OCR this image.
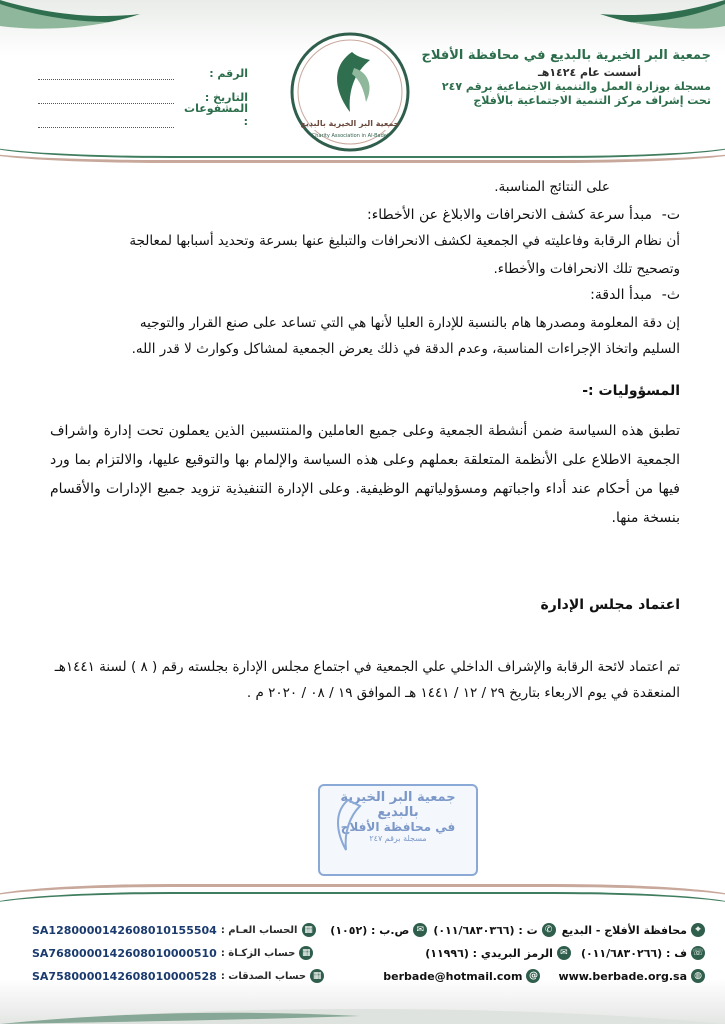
جمعية البر الخيرية بالبديع في محافظة الأفلاج

أسست عام ١٤٢٤هـ

مسجلة بوزارة العمل والتنمية الاجتماعية برقم ٢٤٧

تحت إشراف مركز التنمية الاجتماعية بالأفلاج

جمعية البر الخيرية بالبديع
Charity Association in Al-Badei
الرقم :
التاريخ :
المشفوعات :

على النتائج المناسبة.

ت-مبدأ سرعة كشف الانحرافات والابلاغ عن الأخطاء:

أن نظام الرقابة وفاعليته في الجمعية لكشف الانحرافات والتبليغ عنها بسرعة وتحديد أسبابها لمعالجة

وتصحيح تلك الانحرافات والأخطاء.

ث-مبدأ الدقة:

إن دقة المعلومة ومصدرها هام بالنسبة للإدارة العليا لأنها هي التي تساعد على صنع القرار والتوجيه

السليم واتخاذ الإجراءات المناسبة، وعدم الدقة في ذلك يعرض الجمعية لمشاكل وكوارث لا قدر الله.

المسؤوليات :-

تطبق هذه السياسة ضمن أنشطة الجمعية وعلى جميع العاملين والمنتسبين الذين يعملون تحت إدارة واشراف الجمعية الاطلاع على الأنظمة المتعلقة بعملهم وعلى هذه السياسة والإلمام بها والتوقيع عليها، والالتزام بما ورد فيها من أحكام عند أداء واجباتهم ومسؤولياتهم الوظيفية. وعلى الإدارة التنفيذية تزويد جميع الإدارات والأقسام بنسخة منها.

اعتماد مجلس الإدارة

تم اعتماد لائحة الرقابة والإشراف الداخلي علي الجمعية في اجتماع مجلس الإدارة بجلسته رقم ( ٨ ) لسنة ١٤٤١هـ

المنعقدة في يوم الاربعاء بتاريخ ٢٩ / ١٢ / ١٤٤١ هـ الموافق ١٩ / ٠٨ / ٢٠٢٠ م .

جمعية البر الخيرية
بالبديع
في محافظة الأفلاج
مسجلة برقم ٢٤٧
⌖
محافظة الأفلاج - البديع
✆
ت : (٠١١/٦٨٣٠٣٦٦)
✉
ص.ب : (١٠٥٢)
☏
ف : (٠١١/٦٨٣٠٢٦٦)
✉
الرمز البريدي : (١١٩٩٦)
◍
www.berbade.org.sa
@
berbade@hotmail.com
▦
الحساب العـام :
SA1280000142608010155504
▦
حساب الزكـاة :
SA7680000142608010000510
▦
حساب الصدقات :
SA7580000142608010000528
